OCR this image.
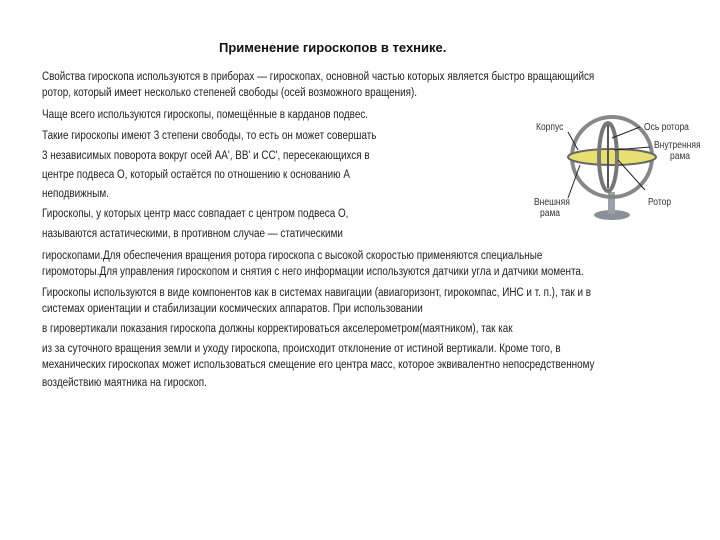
Применение гироскопов в технике.
Свойства гироскопа используются в приборах — гироскопах, основной частью которых является быстро вращающийся
ротор, который имеет несколько степеней свободы (осей возможного вращения).
Чаще всего используются гироскопы, помещённые в карданов подвес.
Такие гироскопы имеют 3 степени свободы, то есть он может совершать
3 независимых поворота вокруг осей AA', BB' и CC', пересекающихся в
центре подвеса O, который остаётся по отношению к основанию A
неподвижным.
Гироскопы, у которых центр масс совпадает с центром подвеса O,
называются астатическими, в противном случае — статическими
гироскопами.Для обеспечения вращения ротора гироскопа с высокой скоростью применяются специальные
гиромоторы.Для управления гироскопом и снятия с него информации используются датчики угла и датчики момента.
Гироскопы используются в виде компонентов как в системах навигации (авиагоризонт, гирокомпас, ИНС и т. п.), так и в
системах ориентации и стабилизации космических аппаратов. При использовании
в гировертикали показания гироскопа должны корректироваться акселерометром(маятником), так как
из за суточного вращения земли и уходу гироскопа, происходит отклонение от истиной вертикали. Кроме того, в
механических гироскопах может использоваться смещение его центра масс, которое эквивалентно непосредственному
воздействию маятника на гироскоп.
Корпус	Ось ротора
Внутренняя
рама
Внешняя
рама
Ротор
